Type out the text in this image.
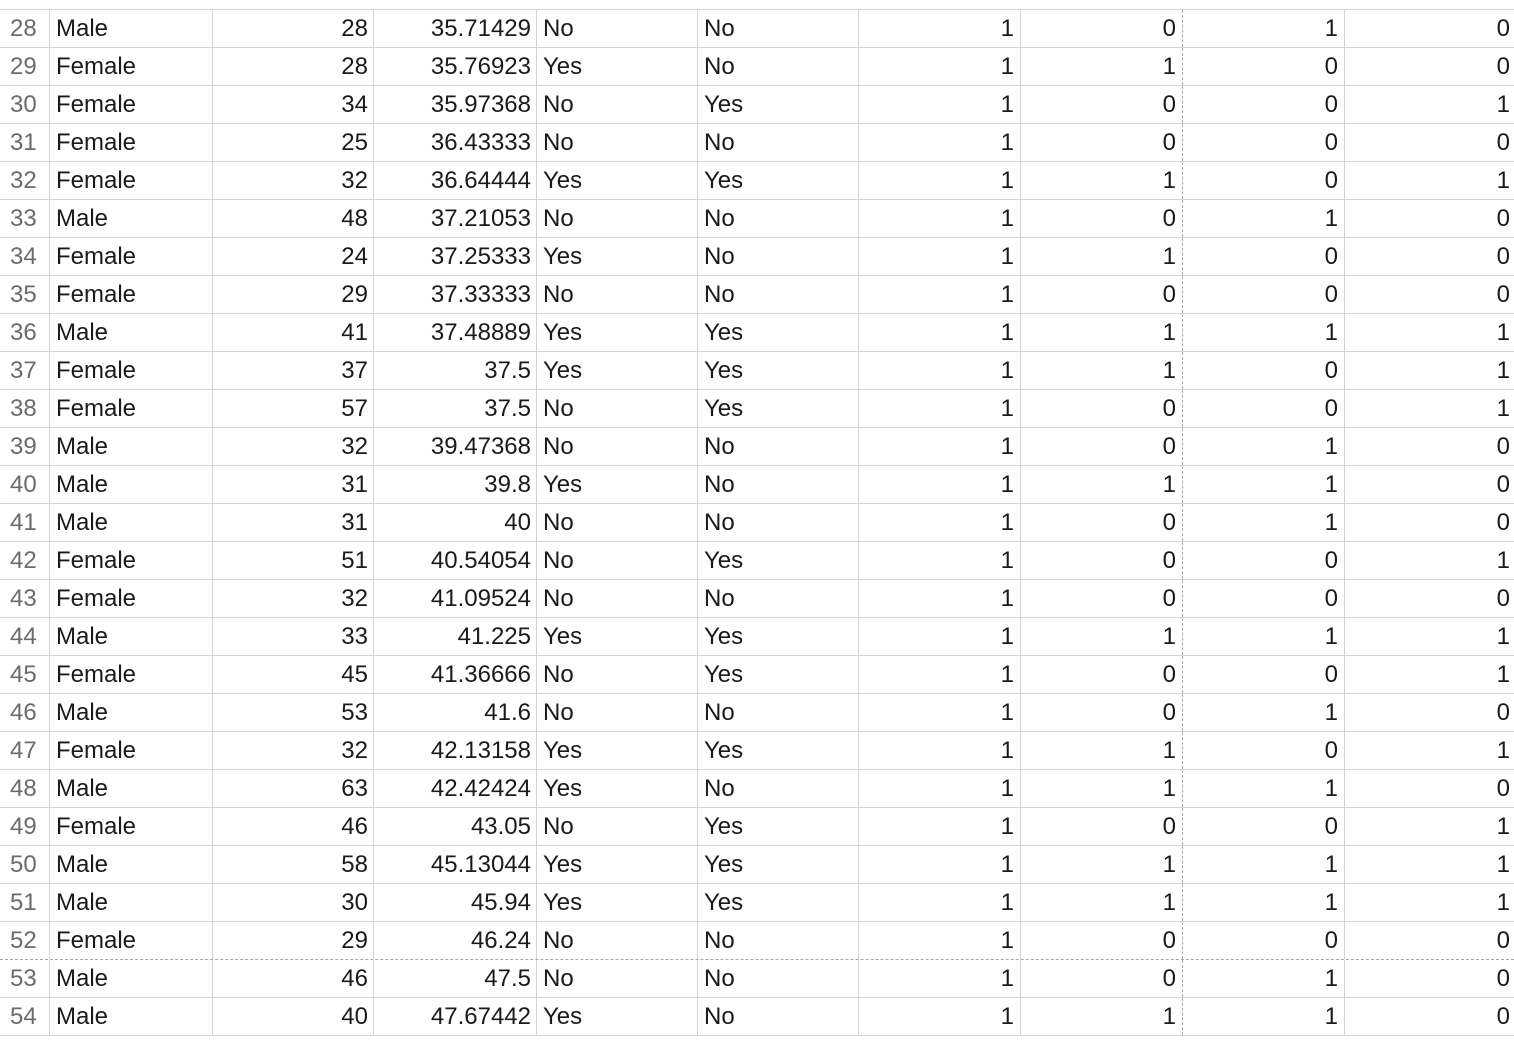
28 Male	28	35.71429 No	No	1	0	1	0
29 Female	28	35.76923 Yes	No	1	1	0	0
30 Female	34	35.97368 No	Yes	1	0	0	1
31 Female	25	36.43333 No	No	1	0	0	0
32 Female	32	36.64444 Yes	Yes	1	1	0	1
33 Male	48	37.21053 No	No	1	0	1	0
34 Female	24	37.25333 Yes	No	1	1	0	0
35 Female	29	37.33333 No	No	1	0	0	0
36 Male	41	37.48889 Yes	Yes	1	1	1	1
37 Female	37	37.5 Yes	Yes	1	1	0	1
38 Female	57	37.5 No	Yes	1	0	0	1
39 Male	32	39.47368 No	No	1	0	1	0
40 Male	31	39.8 Yes	No	1	1	1	0
41 Male	31	40 No	No	1	0	1	0
42 Female	51	40.54054 No	Yes	1	0	0	1
43 Female	32	41.09524 No	No	1	0	0	0
44 Male	33	41.225 Yes	Yes	1	1	1	1
45 Female	45	41.36666 No	Yes	1	0	0	1
46 Male	53	41.6 No	No	1	0	1	0
47 Female	32	42.13158 Yes	Yes	1	1	0	1
48 Male	63	42.42424 Yes	No	1	1	1	0
49 Female	46	43.05 No	Yes	1	0	0	1
50 Male	58	45.13044 Yes	Yes	1	1	1	1
51 Male	30	45.94 Yes	Yes	1	1	1	1
52 Female	29	46.24 No	No	1	0	0	0
53 Male	46	47.5 No	No	1	0	1	0
54 Male	40	47.67442 Yes	No	1	1	1	0
